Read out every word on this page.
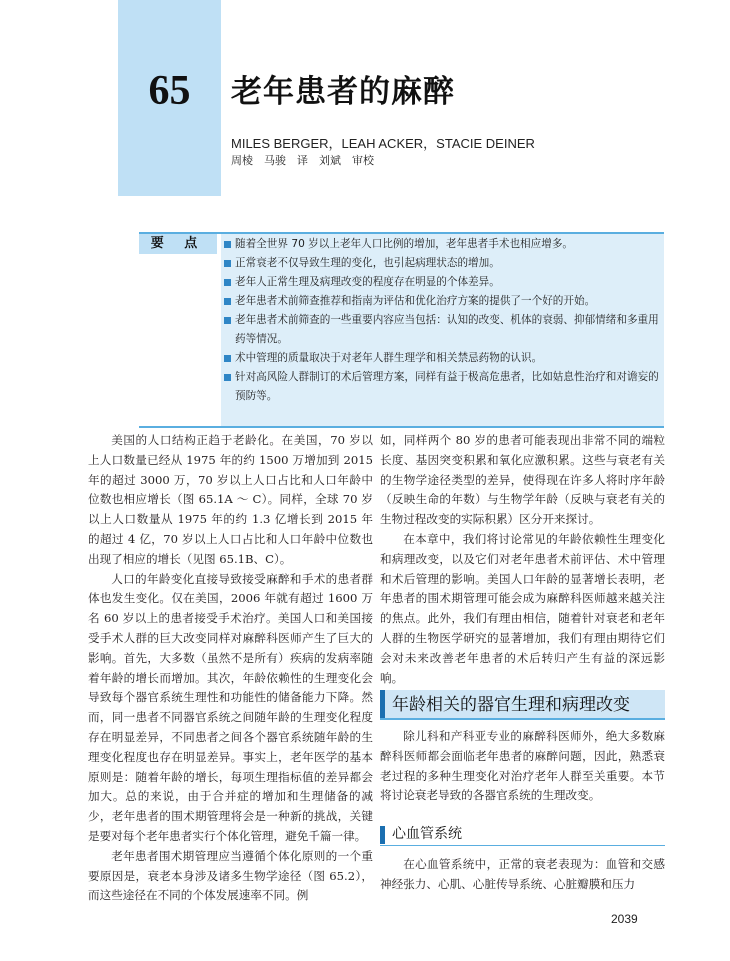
65	老年患者的麻醉
MILES BERGER，LEAH ACKER，STACIE DEINER
周棱　马骏　译　刘斌　审校
要 点	随着全世界 70 岁以上老年人口比例的增加，老年患者手术也相应增多。
正常衰老不仅导致生理的变化，也引起病理状态的增加。
老年人正常生理及病理改变的程度存在明显的个体差异。
老年患者术前筛查推荐和指南为评估和优化治疗方案的提供了一个好的开始。
老年患者术前筛查的一些重要内容应当包括：认知的改变、机体的衰弱、抑郁情绪和多重用药等情况。
术中管理的质量取决于对老年人群生理学和相关禁忌药物的认识。
针对高风险人群制订的术后管理方案，同样有益于极高危患者，比如姑息性治疗和对谵妄的预防等。

美国的人口结构正趋于老龄化。在美国，70 岁以上人口数量已经从 1975 年的约 1500 万增加到 2015 年的超过 3000 万，70 岁以上人口占比和人口年龄中位数也相应增长（图 65.1A ～ C）。同样，全球 70 岁以上人口数量从 1975 年的约 1.3 亿增长到 2015 年的超过 4 亿，70 岁以上人口占比和人口年龄中位数也出现了相应的增长（见图 65.1B、C）。

人口的年龄变化直接导致接受麻醉和手术的患者群体也发生变化。仅在美国，2006 年就有超过 1600 万名 60 岁以上的患者接受手术治疗。美国人口和美国接受手术人群的巨大改变同样对麻醉科医师产生了巨大的影响。首先，大多数（虽然不是所有）疾病的发病率随着年龄的增长而增加。其次，年龄依赖性的生理变化会导致每个器官系统生理性和功能性的储备能力下降。然而，同一患者不同器官系统之间随年龄的生理变化程度存在明显差异，不同患者之间各个器官系统随年龄的生理变化程度也存在明显差异。事实上，老年医学的基本原则是：随着年龄的增长，每项生理指标值的差异都会加大。总的来说，由于合并症的增加和生理储备的减少，老年患者的围术期管理将会是一种新的挑战，关键是要对每个老年患者实行个体化管理，避免千篇一律。

老年患者围术期管理应当遵循个体化原则的一个重要原因是，衰老本身涉及诸多生物学途径（图 65.2），而这些途径在不同的个体发展速率不同。例

如，同样两个 80 岁的患者可能表现出非常不同的端粒长度、基因突变积累和氧化应激积累。这些与衰老有关的生物学途径类型的差异，使得现在许多人将时序年龄（反映生命的年数）与生物学年龄（反映与衰老有关的生物过程改变的实际积累）区分开来探讨。

在本章中，我们将讨论常见的年龄依赖性生理变化和病理改变，以及它们对老年患者术前评估、术中管理和术后管理的影响。美国人口年龄的显著增长表明，老年患者的围术期管理可能会成为麻醉科医师越来越关注的焦点。此外，我们有理由相信，随着针对衰老和老年人群的生物医学研究的显著增加，我们有理由期待它们会对未来改善老年患者的术后转归产生有益的深远影响。

年龄相关的器官生理和病理改变

除儿科和产科亚专业的麻醉科医师外，绝大多数麻醉科医师都会面临老年患者的麻醉问题，因此，熟悉衰老过程的多种生理变化对治疗老年人群至关重要。本节将讨论衰老导致的各器官系统的生理改变。

心血管系统

在心血管系统中，正常的衰老表现为：血管和交感神经张力、心肌、心脏传导系统、心脏瓣膜和压力

2039
